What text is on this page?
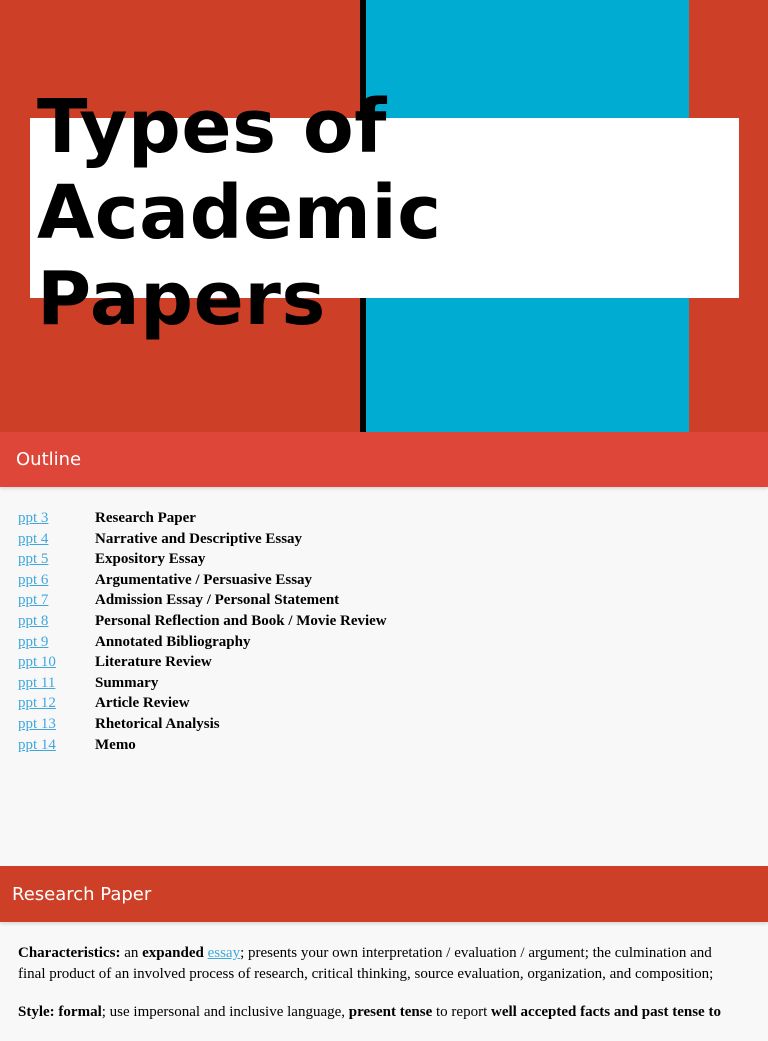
Types of
Academic
Papers
Outline
ppt 3	Research Paper
ppt 4	Narrative and Descriptive Essay
ppt 5	Expository Essay
ppt 6	Argumentative / Persuasive Essay
ppt 7	Admission Essay / Personal Statement
ppt 8	Personal Reflection and Book / Movie Review
ppt 9	Annotated Bibliography
ppt 10	Literature Review
ppt 11	Summary
ppt 12	Article Review
ppt 13	Rhetorical Analysis
ppt 14	Memo
Research Paper

Characteristics: an expanded essay; presents your own interpretation / evaluation / argument; the culmination and final product of an involved process of research, critical thinking, source evaluation, organization, and composition;

Style: formal; use impersonal and inclusive language, present tense to report well accepted facts and past tense to
